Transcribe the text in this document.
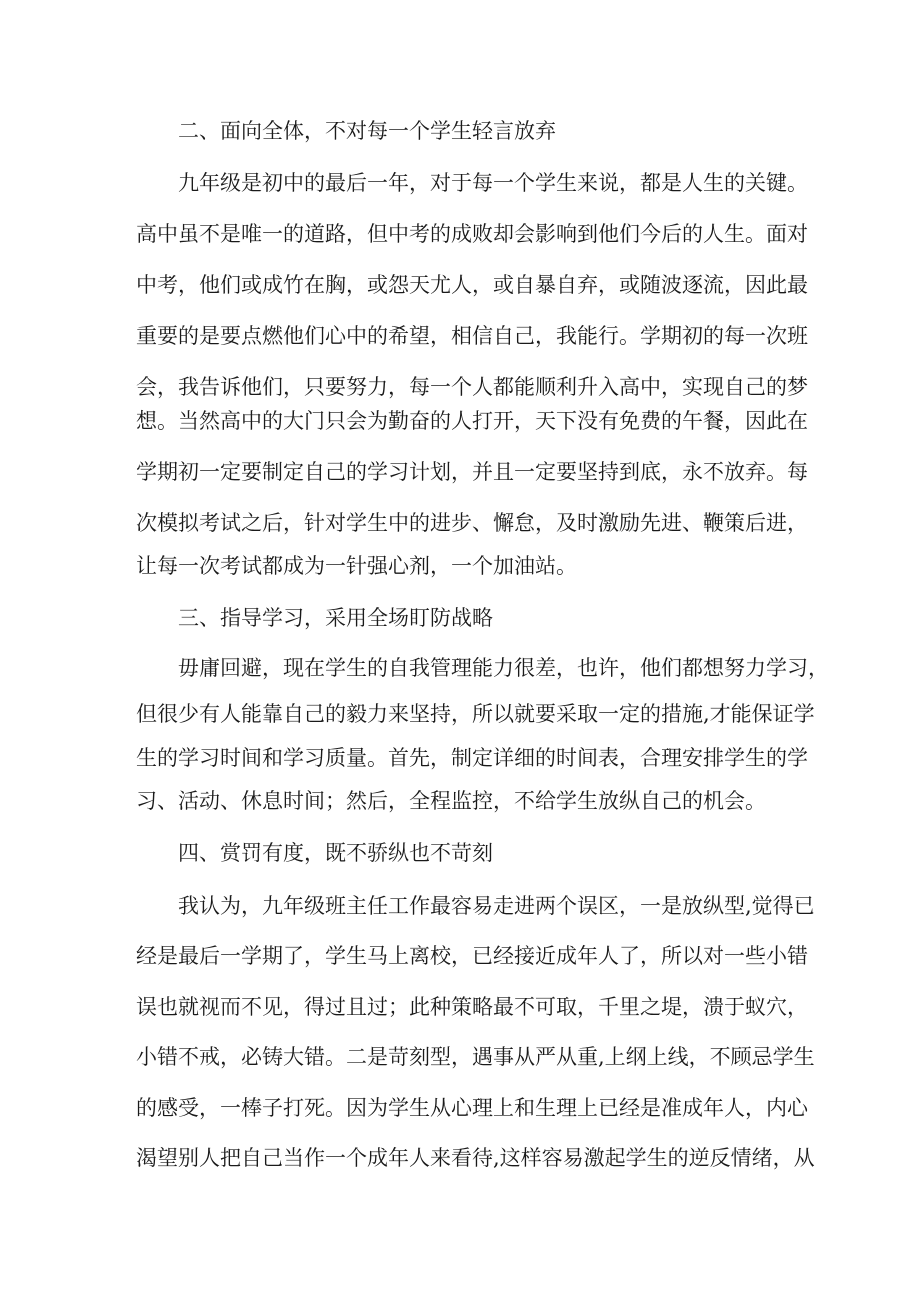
二、面向全体，不对每一个学生轻言放弃
九年级是初中的最后一年，对于每一个学生来说，都是人生的关键。
高中虽不是唯一的道路，但中考的成败却会影响到他们今后的人生。面对
中考，他们或成竹在胸，或怨天尤人，或自暴自弃，或随波逐流，因此最
重要的是要点燃他们心中的希望，相信自己，我能行。学期初的每一次班
会，我告诉他们，只要努力，每一个人都能顺利升入高中，实现自己的梦
想。当然高中的大门只会为勤奋的人打开，天下没有免费的午餐，因此在
学期初一定要制定自己的学习计划，并且一定要坚持到底，永不放弃。每
次模拟考试之后，针对学生中的进步、懈怠，及时激励先进、鞭策后进，
让每一次考试都成为一针强心剂，一个加油站。
三、指导学习，采用全场盯防战略
毋庸回避，现在学生的自我管理能力很差，也许，他们都想努力学习，
但很少有人能靠自己的毅力来坚持，所以就要采取一定的措施,才能保证学
生的学习时间和学习质量。首先，制定详细的时间表，合理安排学生的学
习、活动、休息时间；然后，全程监控，不给学生放纵自己的机会。
四、赏罚有度，既不骄纵也不苛刻
我认为，九年级班主任工作最容易走进两个误区，一是放纵型,觉得已
经是最后一学期了，学生马上离校，已经接近成年人了，所以对一些小错
误也就视而不见，得过且过；此种策略最不可取，千里之堤，溃于蚁穴，
小错不戒，必铸大错。二是苛刻型，遇事从严从重,上纲上线，不顾忌学生
的感受，一棒子打死。因为学生从心理上和生理上已经是准成年人，内心
渴望别人把自己当作一个成年人来看待,这样容易激起学生的逆反情绪，从
